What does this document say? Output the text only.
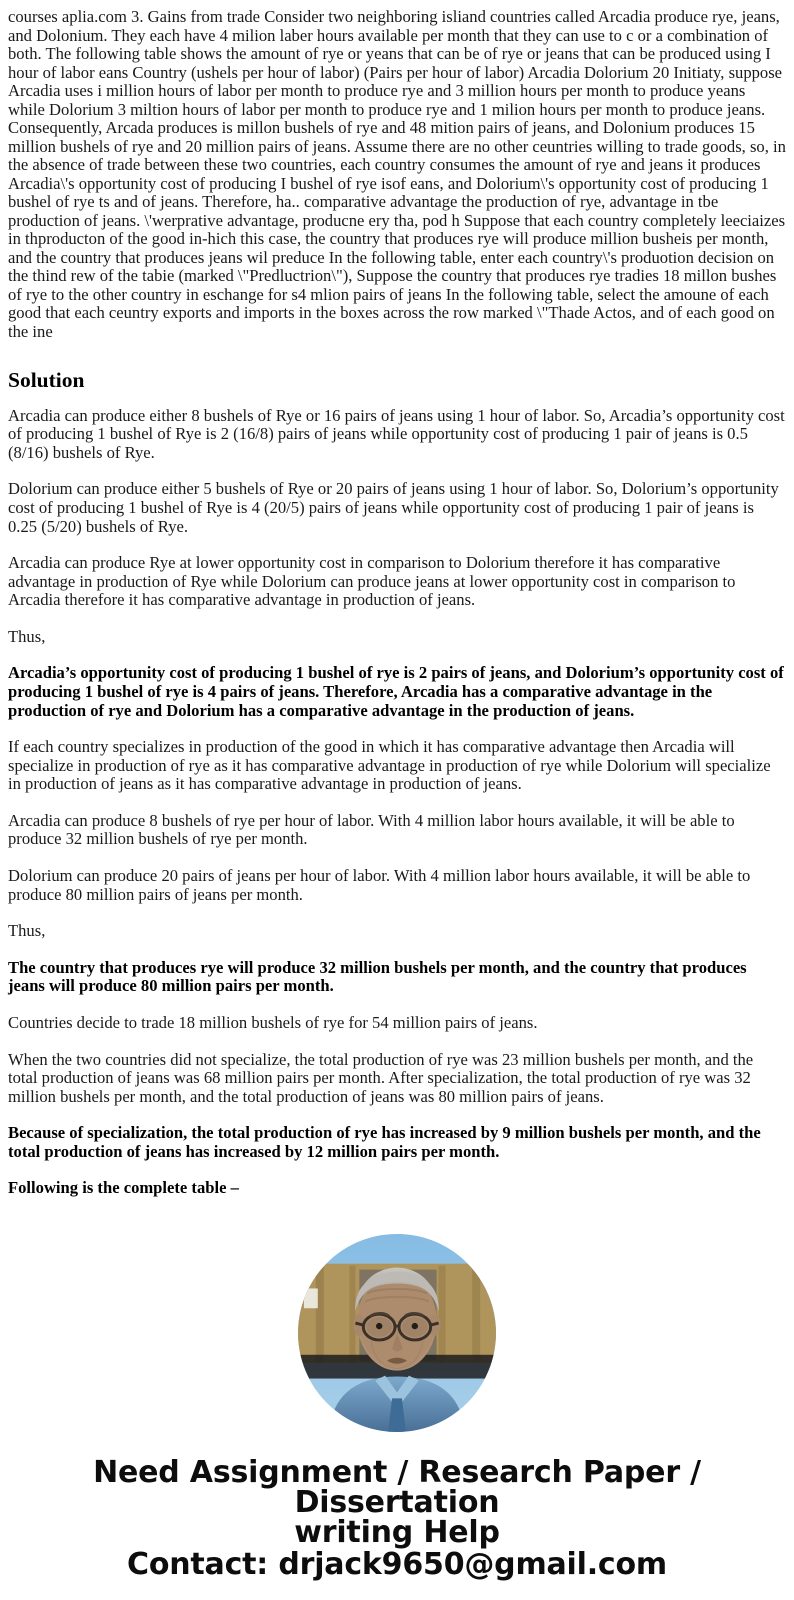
courses aplia.com 3. Gains from trade Consider two neighboring isliand countries called Arcadia produce rye, jeans, and Dolonium. They each have 4 milion laber hours available per month that they can use to c or a combination of both. The following table shows the amount of rye or yeans that can be of rye or jeans that can be produced using I hour of labor eans Country (ushels per hour of labor) (Pairs per hour of labor) Arcadia Dolorium 20 Initiaty, suppose Arcadia uses i million hours of labor per month to produce rye and 3 million hours per month to produce yeans while Dolorium 3 miltion hours of labor per month to produce rye and 1 milion hours per month to produce jeans. Consequently, Arcada produces is millon bushels of rye and 48 mition pairs of jeans, and Dolonium produces 15 million bushels of rye and 20 million pairs of jeans. Assume there are no other ceuntries willing to trade goods, so, in the absence of trade between these two countries, each country consumes the amount of rye and jeans it produces Arcadia\'s opportunity cost of producing I bushel of rye isof eans, and Dolorium\'s opportunity cost of producing 1 bushel of rye ts and of jeans. Therefore, ha.. comparative advantage the production of rye, advantage in tbe production of jeans. \'werprative advantage, producne ery tha, pod h Suppose that each country completely leeciaizes in thproducton of the good in-hich this case, the country that produces rye will produce million busheis per month, and the country that produces jeans wil preduce In the following table, enter each country\'s produotion decision on the thind rew of the tabie (marked \"Predluctrion\"), Suppose the country that produces rye tradies 18 millon bushes of rye to the other country in eschange for s4 mlion pairs of jeans In the following table, select the amoune of each good that each ceuntry exports and imports in the boxes across the row marked \"Thade Actos, and of each good on the ine
Solution

Arcadia can produce either 8 bushels of Rye or 16 pairs of jeans using 1 hour of labor. So, Arcadia’s opportunity cost of producing 1 bushel of Rye is 2 (16/8) pairs of jeans while opportunity cost of producing 1 pair of jeans is 0.5 (8/16) bushels of Rye.

Dolorium can produce either 5 bushels of Rye or 20 pairs of jeans using 1 hour of labor. So, Dolorium’s opportunity cost of producing 1 bushel of Rye is 4 (20/5) pairs of jeans while opportunity cost of producing 1 pair of jeans is 0.25 (5/20) bushels of Rye.

Arcadia can produce Rye at lower opportunity cost in comparison to Dolorium therefore it has comparative advantage in production of Rye while Dolorium can produce jeans at lower opportunity cost in comparison to Arcadia therefore it has comparative advantage in production of jeans.

Thus,

Arcadia’s opportunity cost of producing 1 bushel of rye is 2 pairs of jeans, and Dolorium’s opportunity cost of producing 1 bushel of rye is 4 pairs of jeans. Therefore, Arcadia has a comparative advantage in the production of rye and Dolorium has a comparative advantage in the production of jeans.

If each country specializes in production of the good in which it has comparative advantage then Arcadia will specialize in production of rye as it has comparative advantage in production of rye while Dolorium will specialize in production of jeans as it has comparative advantage in production of jeans.

Arcadia can produce 8 bushels of rye per hour of labor. With 4 million labor hours available, it will be able to produce 32 million bushels of rye per month.

Dolorium can produce 20 pairs of jeans per hour of labor. With 4 million labor hours available, it will be able to produce 80 million pairs of jeans per month.

Thus,

The country that produces rye will produce 32 million bushels per month, and the country that produces jeans will produce 80 million pairs per month.

Countries decide to trade 18 million bushels of rye for 54 million pairs of jeans.

When the two countries did not specialize, the total production of rye was 23 million bushels per month, and the total production of jeans was 68 million pairs per month. After specialization, the total production of rye was 32 million bushels per month, and the total production of jeans was 80 million pairs of jeans.

Because of specialization, the total production of rye has increased by 9 million bushels per month, and the total production of jeans has increased by 12 million pairs per month.

Following is the complete table –

Need Assignment / Research Paper / Dissertation
writing Help
Contact: drjack9650@gmail.com
